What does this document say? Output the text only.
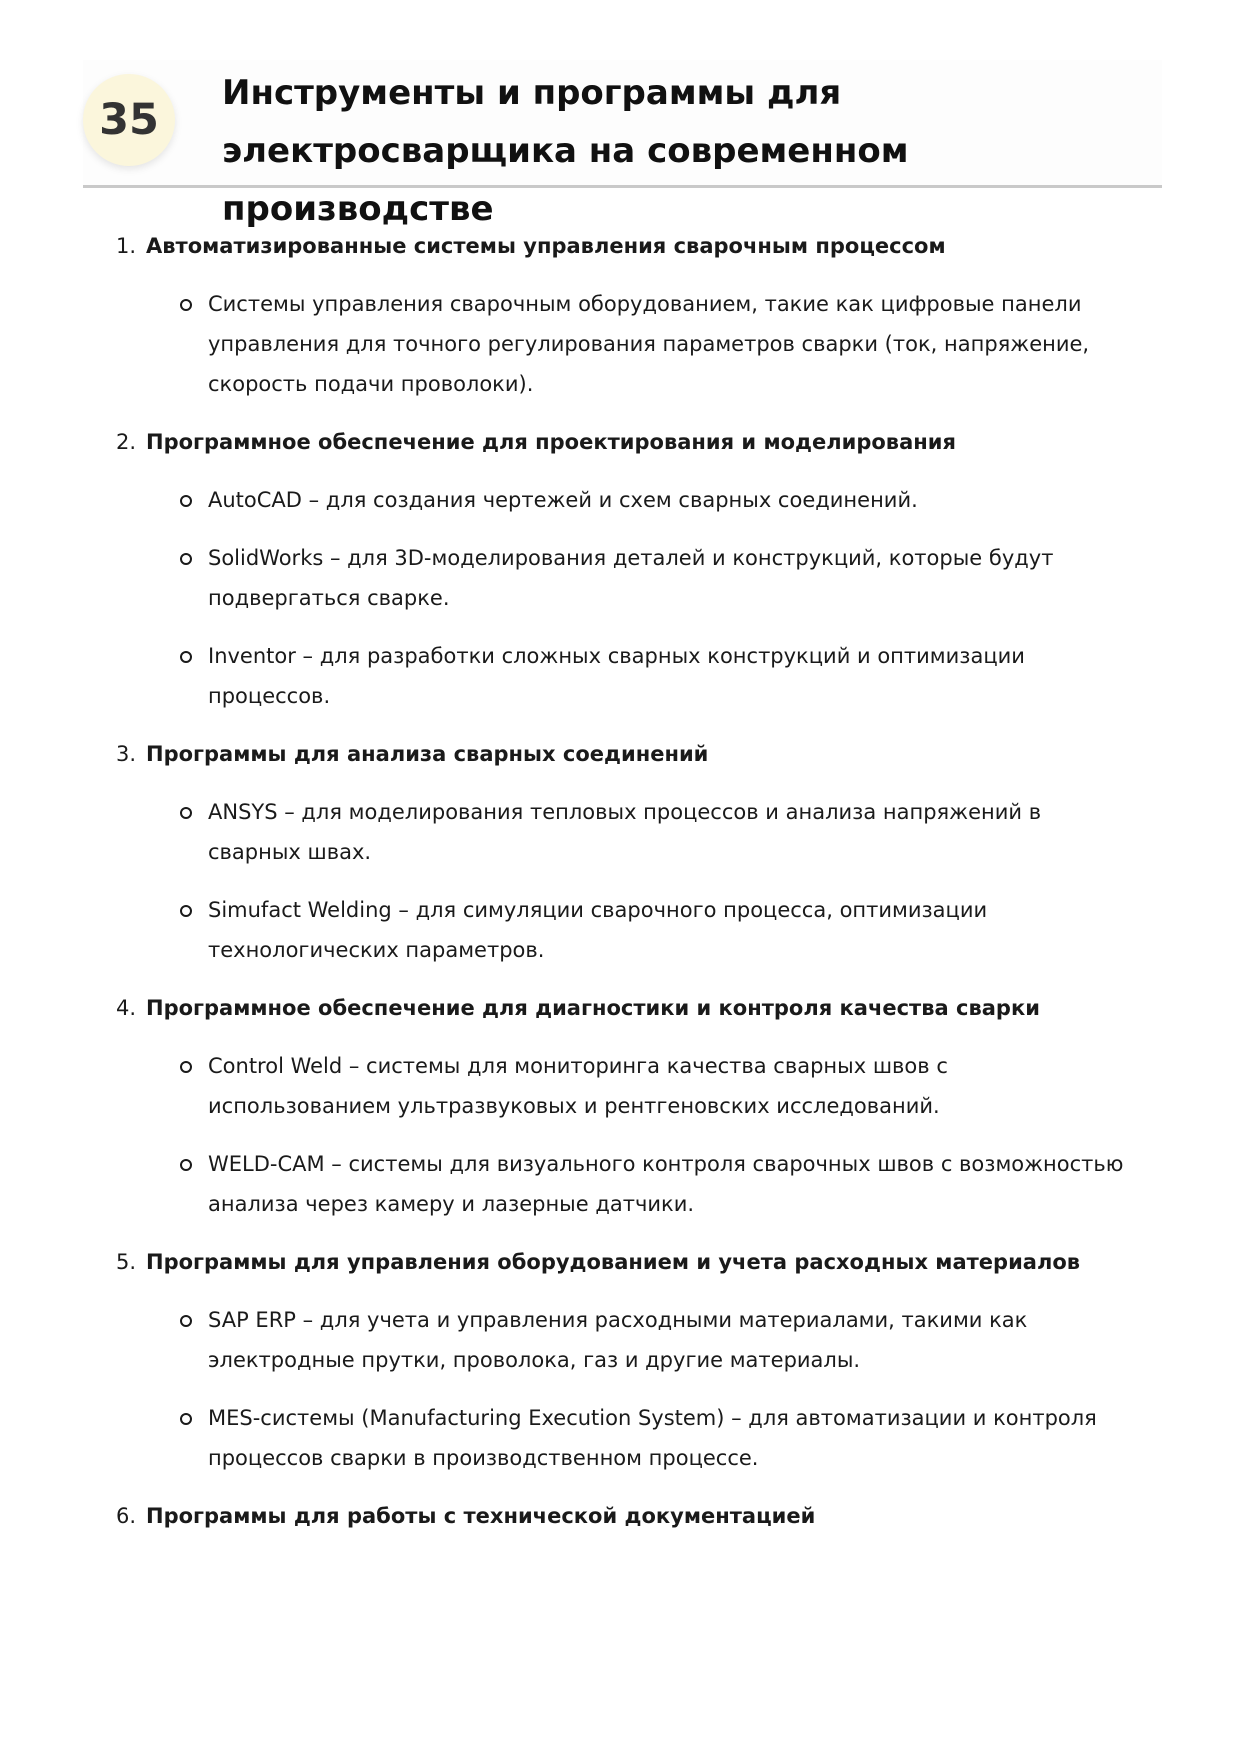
35
Инструменты и программы для электросварщика на современном производстве
1. Автоматизированные системы управления сварочным процессом
Системы управления сварочным оборудованием, такие как цифровые панели управления для точного регулирования параметров сварки (ток, напряжение, скорость подачи проволоки).
2. Программное обеспечение для проектирования и моделирования
AutoCAD – для создания чертежей и схем сварных соединений.
SolidWorks – для 3D-моделирования деталей и конструкций, которые будут подвергаться сварке.
Inventor – для разработки сложных сварных конструкций и оптимизации процессов.
3. Программы для анализа сварных соединений
ANSYS – для моделирования тепловых процессов и анализа напряжений в сварных швах.
Simufact Welding – для симуляции сварочного процесса, оптимизации технологических параметров.
4. Программное обеспечение для диагностики и контроля качества сварки
Control Weld – системы для мониторинга качества сварных швов с использованием ультразвуковых и рентгеновских исследований.
WELD-CAM – системы для визуального контроля сварочных швов с возможностью анализа через камеру и лазерные датчики.
5. Программы для управления оборудованием и учета расходных материалов
SAP ERP – для учета и управления расходными материалами, такими как электродные прутки, проволока, газ и другие материалы.
MES-системы (Manufacturing Execution System) – для автоматизации и контроля процессов сварки в производственном процессе.
6. Программы для работы с технической документацией
